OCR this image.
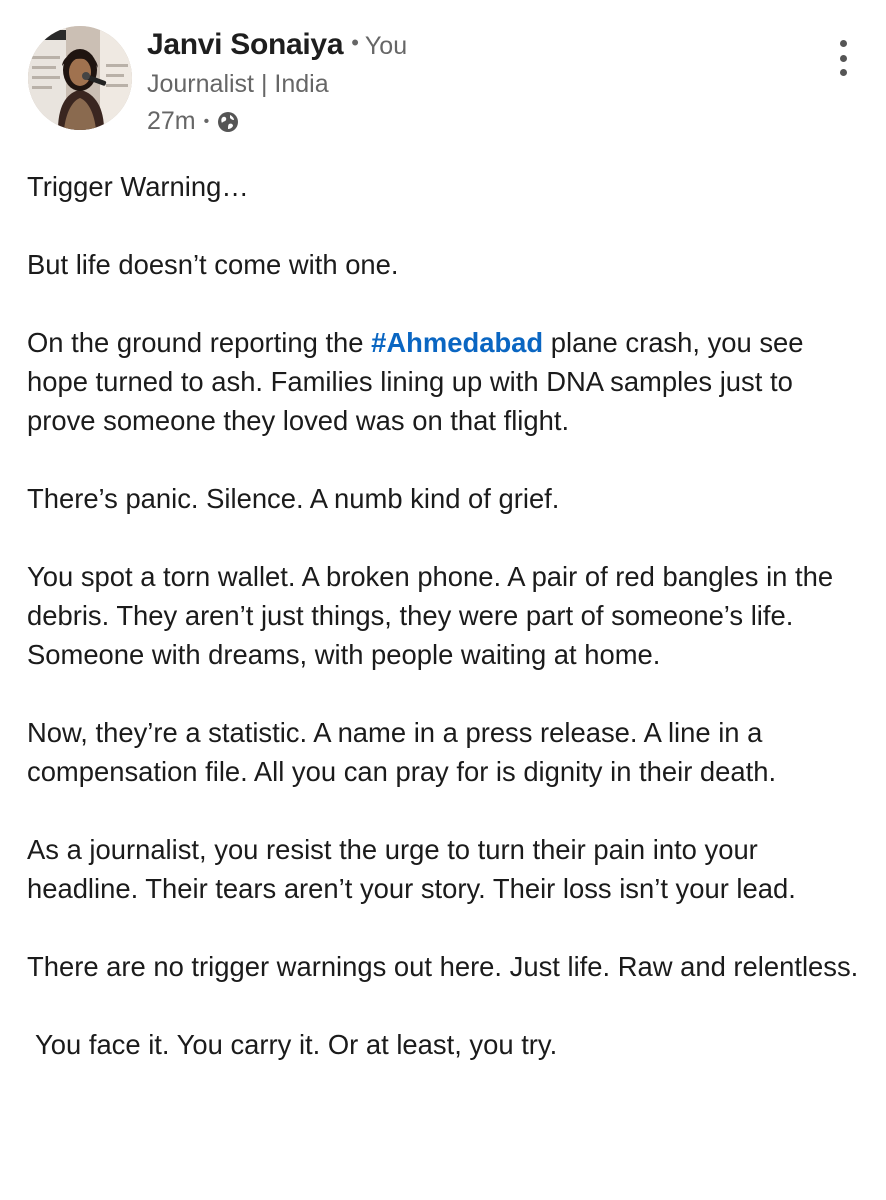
Janvi Sonaiya • You
Journalist | India
27m •

Trigger Warning…

But life doesn’t come with one.

On the ground reporting the #Ahmedabad plane crash, you see hope turned to ash. Families lining up with DNA samples just to prove someone they loved was on that flight.

There’s panic. Silence. A numb kind of grief.

You spot a torn wallet. A broken phone. A pair of red bangles in the debris. They aren’t just things, they were part of someone’s life. Someone with dreams, with people waiting at home.

Now, they’re a statistic. A name in a press release. A line in a compensation file. All you can pray for is dignity in their death.

As a journalist, you resist the urge to turn their pain into your headline. Their tears aren’t your story. Their loss isn’t your lead.

There are no trigger warnings out here. Just life. Raw and relentless.

You face it. You carry it. Or at least, you try.
